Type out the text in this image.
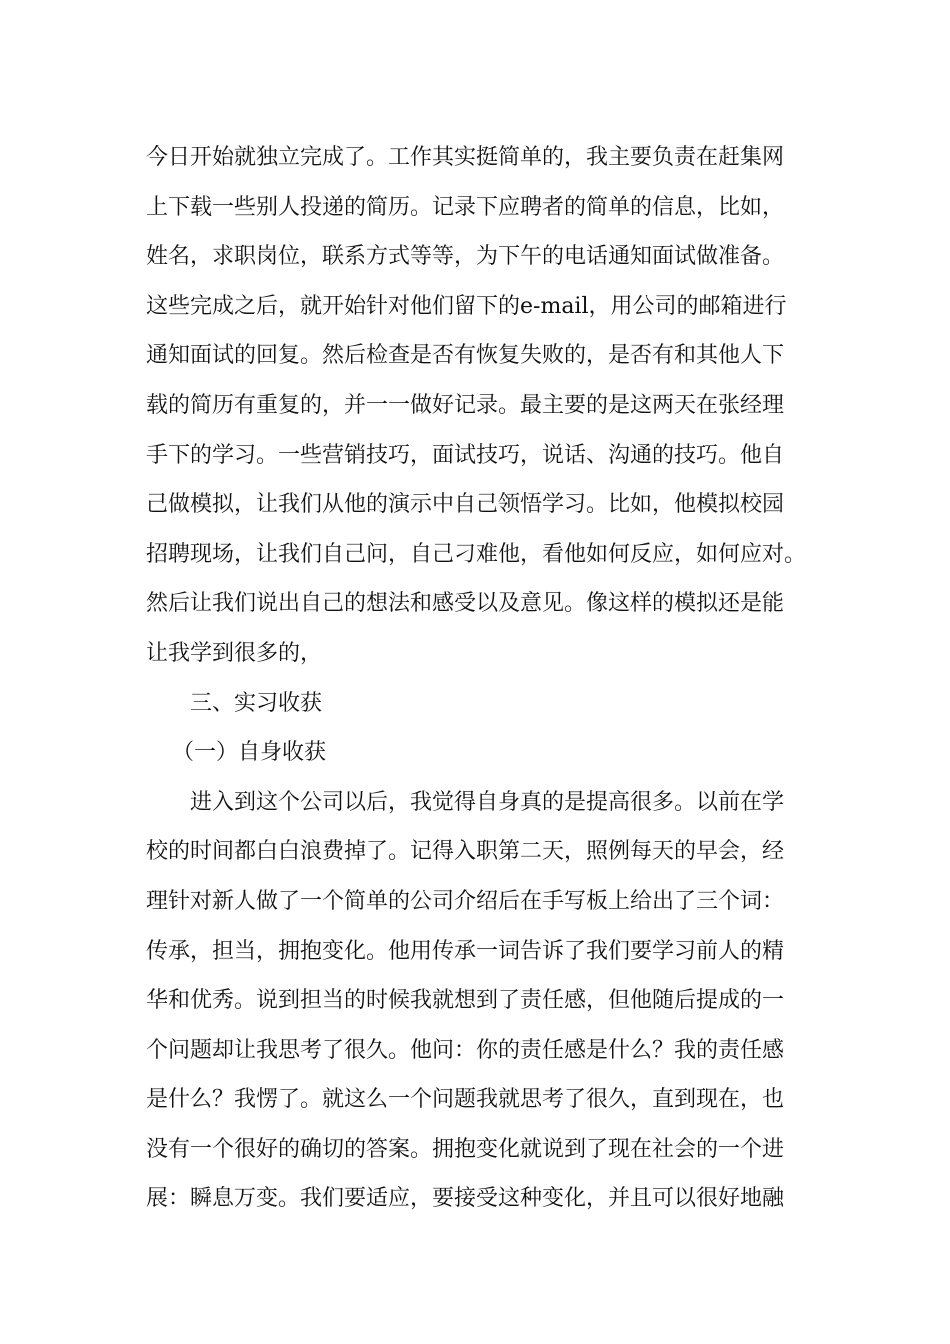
今日开始就独立完成了。工作其实挺简单的，我主要负责在赶集网
上下载一些别人投递的简历。记录下应聘者的简单的信息，比如，
姓名，求职岗位，联系方式等等，为下午的电话通知面试做准备。
这些完成之后，就开始针对他们留下的e-mail，用公司的邮箱进行
通知面试的回复。然后检查是否有恢复失败的，是否有和其他人下
载的简历有重复的，并一一做好记录。最主要的是这两天在张经理
手下的学习。一些营销技巧，面试技巧，说话、沟通的技巧。他自
己做模拟，让我们从他的演示中自己领悟学习。比如，他模拟校园
招聘现场，让我们自己问，自己刁难他，看他如何反应，如何应对。
然后让我们说出自己的想法和感受以及意见。像这样的模拟还是能
让我学到很多的，
三、实习收获
（一）自身收获
进入到这个公司以后，我觉得自身真的是提高很多。以前在学
校的时间都白白浪费掉了。记得入职第二天，照例每天的早会，经
理针对新人做了一个简单的公司介绍后在手写板上给出了三个词：
传承，担当，拥抱变化。他用传承一词告诉了我们要学习前人的精
华和优秀。说到担当的时候我就想到了责任感，但他随后提成的一
个问题却让我思考了很久。他问：你的责任感是什么？我的责任感
是什么？我愣了。就这么一个问题我就思考了很久，直到现在，也
没有一个很好的确切的答案。拥抱变化就说到了现在社会的一个进
展：瞬息万变。我们要适应，要接受这种变化，并且可以很好地融
